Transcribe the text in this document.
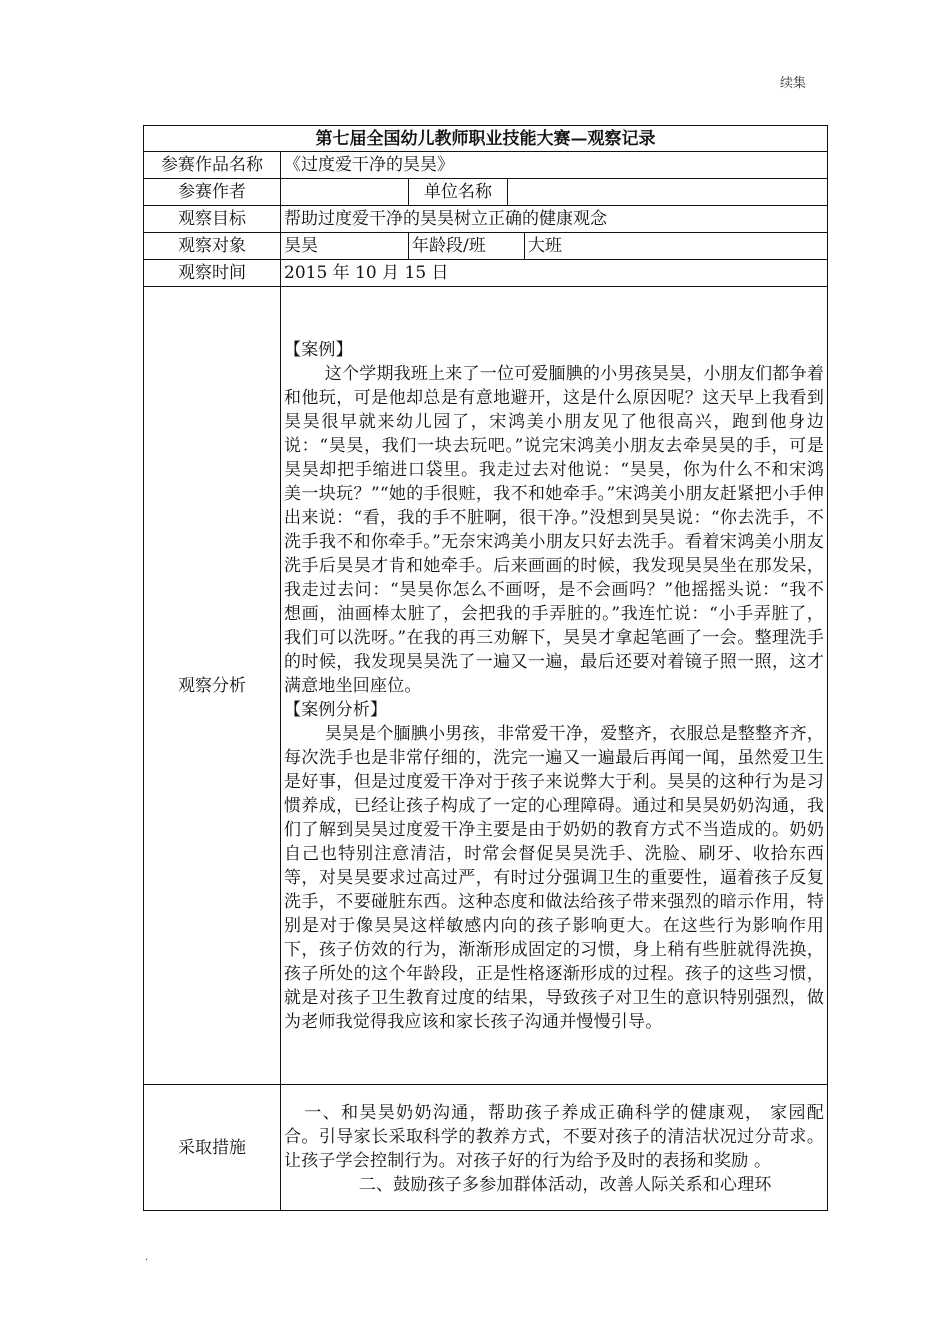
续集
第七届全国幼儿教师职业技能大赛—观察记录				
参赛作品名称	《过度爱干净的昊昊》			
参赛作者		单位名称		
观察目标	帮助过度爱干净的昊昊树立正确的健康观念			
观察对象	昊昊	年龄段/班		大班
观察时间	2015 年 10 月 15 日			
观察分析	【案例】
这个学期我班上来了一位可爱腼腆的小男孩昊昊，小朋友们都争着和他玩，可是他却总是有意地避开，这是什么原因呢？这天早上我看到昊昊很早就来幼儿园了，宋鸿美小朋友见了他很高兴，跑到他身边说：“昊昊，我们一块去玩吧。”说完宋鸿美小朋友去牵昊昊的手，可是昊昊却把手缩进口袋里。我走过去对他说：“昊昊，你为什么不和宋鸿美一块玩？”“她的手很赃，我不和她牵手。”宋鸿美小朋友赶紧把小手伸出来说：“看，我的手不脏啊，很干净。”没想到昊昊说：“你去洗手，不洗手我不和你牵手。”无奈宋鸿美小朋友只好去洗手。看着宋鸿美小朋友洗手后昊昊才肯和她牵手。后来画画的时候，我发现昊昊坐在那发呆，我走过去问：“昊昊你怎么不画呀，是不会画吗？”他摇摇头说：“我不想画，油画棒太脏了，会把我的手弄脏的。”我连忙说：“小手弄脏了，我们可以洗呀。”在我的再三劝解下，昊昊才拿起笔画了一会。整理洗手的时候，我发现昊昊洗了一遍又一遍，最后还要对着镜子照一照，这才满意地坐回座位。
【案例分析】
昊昊是个腼腆小男孩，非常爱干净，爱整齐，衣服总是整整齐齐，每次洗手也是非常仔细的，洗完一遍又一遍最后再闻一闻，虽然爱卫生是好事，但是过度爱干净对于孩子来说弊大于利。昊昊的这种行为是习惯养成，已经让孩子构成了一定的心理障碍。通过和昊昊奶奶沟通，我们了解到昊昊过度爱干净主要是由于奶奶的教育方式不当造成的。奶奶自己也特别注意清洁，时常会督促昊昊洗手、洗脸、刷牙、收拾东西等，对昊昊要求过高过严，有时过分强调卫生的重要性，逼着孩子反复洗手，不要碰脏东西。这种态度和做法给孩子带来强烈的暗示作用，特别是对于像昊昊这样敏感内向的孩子影响更大。在这些行为影响作用下，孩子仿效的行为，渐渐形成固定的习惯，身上稍有些脏就得洗换，孩子所处的这个年龄段，正是性格逐渐形成的过程。孩子的这些习惯，就是对孩子卫生教育过度的结果，导致孩子对卫生的意识特别强烈，做为老师我觉得我应该和家长孩子沟通并慢慢引导。			

采取措施	一、和昊昊奶奶沟通，帮助孩子养成正确科学的健康观， 家园配合。引导家长采取科学的教养方式，不要对孩子的清洁状况过分苛求。让孩子学会控制行为。对孩子好的行为给予及时的表扬和奖励 。
二、鼓励孩子多参加群体活动，改善人际关系和心理环			
.
